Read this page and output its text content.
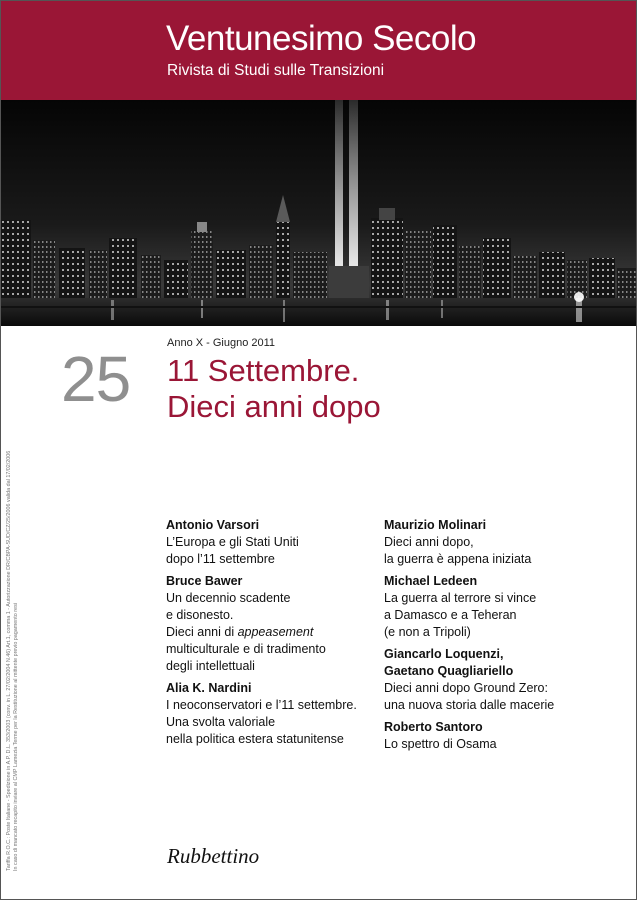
Ventunesimo Secolo
Rivista di Studi sulle Transizioni
Tariffa R.O.C.: Poste Italiane - Spedizione in A.P. D.L. 353/2003 (conv. in L. 27/02/2004 N.46) Art.1, comma 1 - Autorizzazione DR/CBPA-SUD/CZ/25/2006 valida dal 17/02/2006 In caso di mancato recapito inviare al CMP Lamezia Terme per la Restituzione al mittente previo pagamento resi
Anno X - Giugno 2011
25 11 Settembre.
Dieci anni dopo
Antonio Varsori
L’Europa e gli Stati Uniti
dopo l’11 settembre
Bruce Bawer
Un decennio scadente
e disonesto.
Dieci anni di appeasement
multiculturale e di tradimento
degli intellettuali
Alia K. Nardini
I neoconservatori e l’11 settembre.
Una svolta valoriale
nella politica estera statunitense
Maurizio Molinari
Dieci anni dopo,
la guerra è appena iniziata
Michael Ledeen
La guerra al terrore si vince
a Damasco e a Teheran
(e non a Tripoli)
Giancarlo Loquenzi,
Gaetano Quagliariello
Dieci anni dopo Ground Zero:
una nuova storia dalle macerie
Roberto Santoro
Lo spettro di Osama
Rubbettino
